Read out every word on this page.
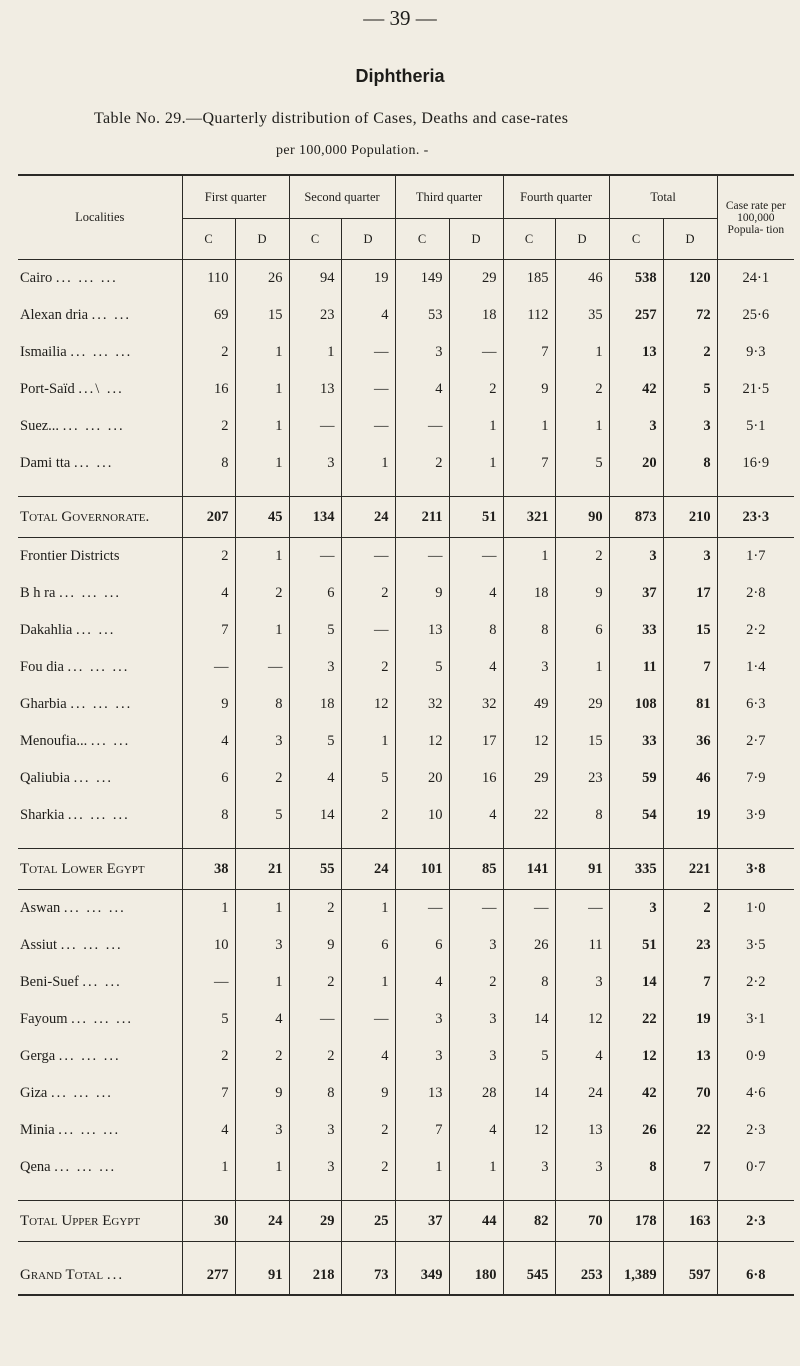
— 39 —
Diphtheria
Table No. 29.—Quarterly distribution of Cases, Deaths and case-rates
per 100,000 Population. -
Localities	First quarter		Second quarter		Third quarter		Fourth quarter		Total		Case rate per 100,000 Popula- tion
	C	D	C	D	C	D	C	D	C	D	
Cairo ... ... ...	110	26	94	19	149	29	185	46	538	120	24·1
Alexan dria ... ...	69	15	23	4	53	18	112	35	257	72	25·6
Ismailia ... ... ...	2	1	1	—	3	—	7	1	13	2	9·3
Port-Saïd ...\ ...	16	1	13	—	4	2	9	2	42	5	21·5
Suez... ... ... ...	2	1	—	—	—	1	1	1	3	3	5·1
Dami tta ... ...	8	1	3	1	2	1	7	5	20	8	16·9

Total Governorate.	207	45	134	24	211	51	321	90	873	210	23·3
Frontier Districts	2	1	—	—	—	—	1	2	3	3	1·7
B h ra ... ... ...	4	2	6	2	9	4	18	9	37	17	2·8
Dakahlia ... ...	7	1	5	—	13	8	8	6	33	15	2·2
Fou dia ... ... ...	—	—	3	2	5	4	3	1	11	7	1·4
Gharbia ... ... ...	9	8	18	12	32	32	49	29	108	81	6·3
Menoufia... ... ...	4	3	5	1	12	17	12	15	33	36	2·7
Qaliubia ... ...	6	2	4	5	20	16	29	23	59	46	7·9
Sharkia ... ... ...	8	5	14	2	10	4	22	8	54	19	3·9

Total Lower Egypt	38	21	55	24	101	85	141	91	335	221	3·8
Aswan ... ... ...	1	1	2	1	—	—	—	—	3	2	1·0
Assiut ... ... ...	10	3	9	6	6	3	26	11	51	23	3·5
Beni-Suef ... ...	—	1	2	1	4	2	8	3	14	7	2·2
Fayoum ... ... ...	5	4	—	—	3	3	14	12	22	19	3·1
Gerga ... ... ...	2	2	2	4	3	3	5	4	12	13	0·9
Giza ... ... ...	7	9	8	9	13	28	14	24	42	70	4·6
Minia ... ... ...	4	3	3	2	7	4	12	13	26	22	2·3
Qena ... ... ...	1	1	3	2	1	1	3	3	8	7	0·7

Total Upper Egypt	30	24	29	25	37	44	82	70	178	163	2·3

Grand Total ...	277	91	218	73	349	180	545	253	1,389	597	6·8
